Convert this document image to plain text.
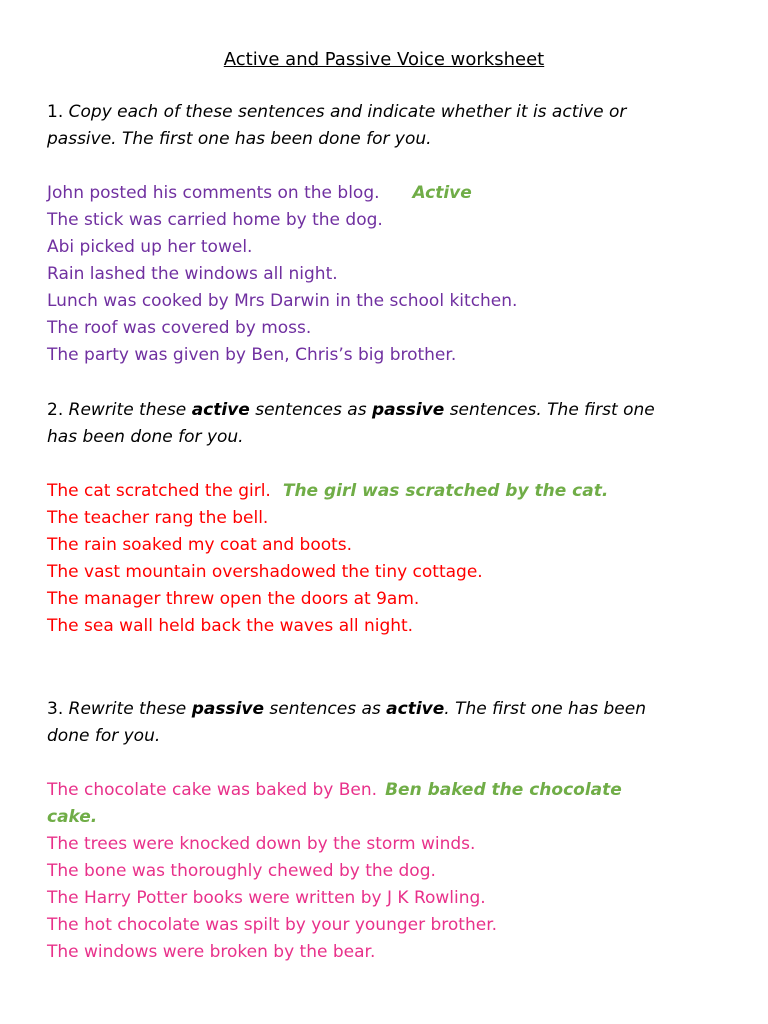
Active and Passive Voice worksheet
1. Copy each of these sentences and indicate whether it is active or
passive. The first one has been done for you.
John posted his comments on the blog. Active
The stick was carried home by the dog.
Abi picked up her towel.
Rain lashed the windows all night.
Lunch was cooked by Mrs Darwin in the school kitchen.
The roof was covered by moss.
The party was given by Ben, Chris’s big brother.
2. Rewrite these active sentences as passive sentences. The first one
has been done for you.
The cat scratched the girl. The girl was scratched by the cat.
The teacher rang the bell.
The rain soaked my coat and boots.
The vast mountain overshadowed the tiny cottage.
The manager threw open the doors at 9am.
The sea wall held back the waves all night.
3. Rewrite these passive sentences as active. The first one has been
done for you.
The chocolate cake was baked by Ben. Ben baked the chocolate
cake.
The trees were knocked down by the storm winds.
The bone was thoroughly chewed by the dog.
The Harry Potter books were written by J K Rowling.
The hot chocolate was spilt by your younger brother.
The windows were broken by the bear.
